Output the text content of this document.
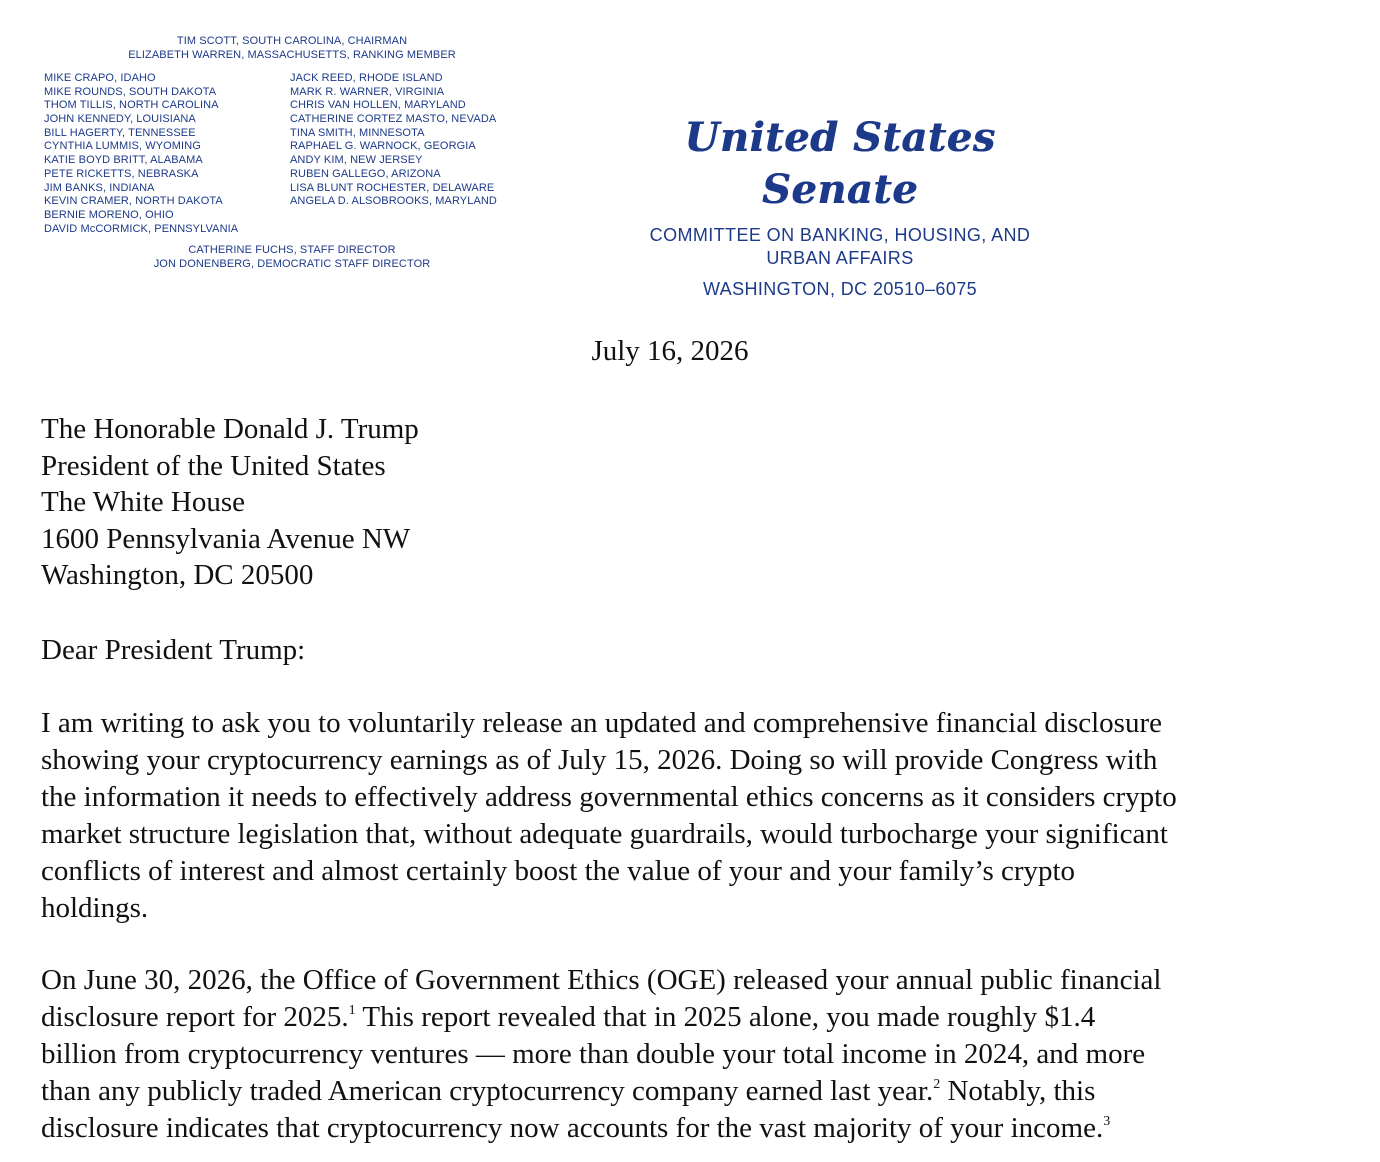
TIM SCOTT, SOUTH CAROLINA, CHAIRMAN
ELIZABETH WARREN, MASSACHUSETTS, RANKING MEMBER
MIKE CRAPO, IDAHO
MIKE ROUNDS, SOUTH DAKOTA
THOM TILLIS, NORTH CAROLINA
JOHN KENNEDY, LOUISIANA
BILL HAGERTY, TENNESSEE
CYNTHIA LUMMIS, WYOMING
KATIE BOYD BRITT, ALABAMA
PETE RICKETTS, NEBRASKA
JIM BANKS, INDIANA
KEVIN CRAMER, NORTH DAKOTA
BERNIE MORENO, OHIO
DAVID McCORMICK, PENNSYLVANIA
JACK REED, RHODE ISLAND
MARK R. WARNER, VIRGINIA
CHRIS VAN HOLLEN, MARYLAND
CATHERINE CORTEZ MASTO, NEVADA
TINA SMITH, MINNESOTA
RAPHAEL G. WARNOCK, GEORGIA
ANDY KIM, NEW JERSEY
RUBEN GALLEGO, ARIZONA
LISA BLUNT ROCHESTER, DELAWARE
ANGELA D. ALSOBROOKS, MARYLAND
CATHERINE FUCHS, STAFF DIRECTOR
JON DONENBERG, DEMOCRATIC STAFF DIRECTOR
United States Senate
COMMITTEE ON BANKING, HOUSING, AND
URBAN AFFAIRS
WASHINGTON, DC 20510–6075
July 16, 2026
The Honorable Donald J. Trump
President of the United States
The White House
1600 Pennsylvania Avenue NW
Washington, DC 20500
Dear President Trump:
I am writing to ask you to voluntarily release an updated and comprehensive financial disclosure
showing your cryptocurrency earnings as of July 15, 2026. Doing so will provide Congress with
the information it needs to effectively address governmental ethics concerns as it considers crypto
market structure legislation that, without adequate guardrails, would turbocharge your significant
conflicts of interest and almost certainly boost the value of your and your family’s crypto
holdings.
On June 30, 2026, the Office of Government Ethics (OGE) released your annual public financial
disclosure report for 2025.$^1$ This report revealed that in 2025 alone, you made roughly $1.4
billion from cryptocurrency ventures — more than double your total income in 2024, and more
than any publicly traded American cryptocurrency company earned last year.$^2$ Notably, this
disclosure indicates that cryptocurrency now accounts for the vast majority of your income.$^3$
